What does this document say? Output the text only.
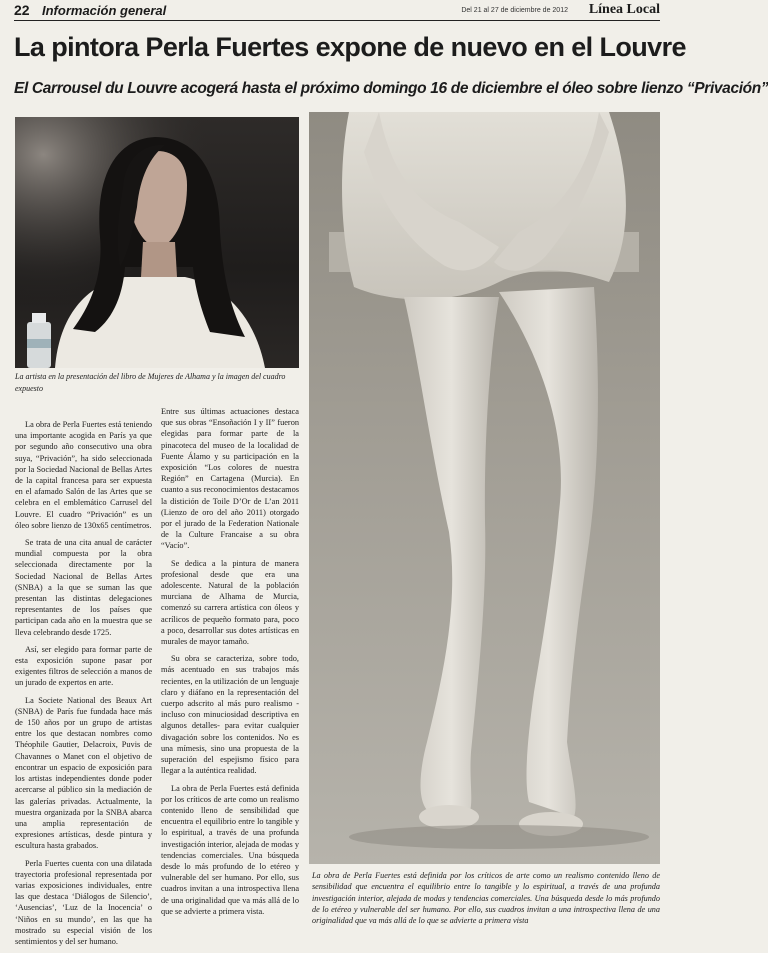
22 Información general	Del 21 al 27 de diciembre de 2012 Línea Local
La pintora Perla Fuertes expone de nuevo en el Louvre
El Carrousel du Louvre acogerá hasta el próximo domingo 16 de diciembre el óleo sobre lienzo “Privación”
La artista en la presentación del libro de Mujeres de Alhama y la imagen del cuadro expuesto

La obra de Perla Fuertes está teniendo una importante acogida en París ya que por segundo año consecutivo una obra suya, “Privación”, ha sido seleccionada por la Sociedad Nacional de Bellas Artes de la capital francesa para ser expuesta en el afamado Salón de las Artes que se celebra en el emblemático Carrusel del Louvre. El cuadro “Privación” es un óleo sobre lienzo de 130x65 centímetros.

Se trata de una cita anual de carácter mundial compuesta por la obra seleccionada directamente por la Sociedad Nacional de Bellas Artes (SNBA) a la que se suman las que presentan las distintas delegaciones representantes de los países que participan cada año en la muestra que se lleva celebrando desde 1725.

Así, ser elegido para formar parte de esta exposición supone pasar por exigentes filtros de selección a manos de un jurado de expertos en arte.

La Societe National des Beaux Art (SNBA) de París fue fundada hace más de 150 años por un grupo de artistas entre los que destacan nombres como Théophile Gautier, Delacroix, Puvis de Chavannes o Manet con el objetivo de encontrar un espacio de exposición para los artistas independientes donde poder acercarse al público sin la mediación de las galerías privadas. Actualmente, la muestra organizada por la SNBA abarca una amplia representación de expresiones artísticas, desde pintura y escultura hasta grabados.

Perla Fuertes cuenta con una dilatada trayectoria profesional representada por varias exposiciones individuales, entre las que destaca ‘Diálogos de Silencio’, ‘Ausencias’, ‘Luz de la Inocencia’ o ‘Niños en su mundo’, en las que ha mostrado su especial visión de los sentimientos y del ser humano.

Entre sus últimas actuaciones destaca que sus obras “Ensoñación I y II” fueron elegidas para formar parte de la pinacoteca del museo de la localidad de Fuente Álamo y su participación en la exposición “Los colores de nuestra Región” en Cartagena (Murcia). En cuanto a sus reconocimientos destacamos la distición de Toile D’Or de L’an 2011 (Lienzo de oro del año 2011) otorgado por el jurado de la Federation Nationale de la Culture Francaise a su obra “Vacío”.

Se dedica a la pintura de manera profesional desde que era una adolescente. Natural de la población murciana de Alhama de Murcia, comenzó su carrera artística con óleos y acrílicos de pequeño formato para, poco a poco, desarrollar sus dotes artísticas en murales de mayor tamaño.

Su obra se caracteriza, sobre todo, más acentuado en sus trabajos más recientes, en la utilización de un lenguaje claro y diáfano en la representación del cuerpo adscrito al más puro realismo -incluso con minuciosidad descriptiva en algunos detalles- para evitar cualquier divagación sobre los contenidos. No es una mímesis, sino una propuesta de la superación del espejismo físico para llegar a la auténtica realidad.

La obra de Perla Fuertes está definida por los críticos de arte como un realismo contenido lleno de sensibilidad que encuentra el equilibrio entre lo tangible y lo espiritual, a través de una profunda investigación interior, alejada de modas y tendencias comerciales. Una búsqueda desde lo más profundo de lo etéreo y vulnerable del ser humano. Por ello, sus cuadros invitan a una introspectiva llena de una originalidad que va más allá de lo que se advierte a primera vista.

La obra de Perla Fuertes está definida por los críticos de arte como un realismo contenido lleno de sensibilidad que encuentra el equilibrio entre lo tangible y lo espiritual, a través de una profunda investigación interior, alejada de modas y tendencias comerciales. Una búsqueda desde lo más profundo de lo etéreo y vulnerable del ser humano. Por ello, sus cuadros invitan a una introspectiva llena de una originalidad que va más allá de lo que se advierte a primera vista
